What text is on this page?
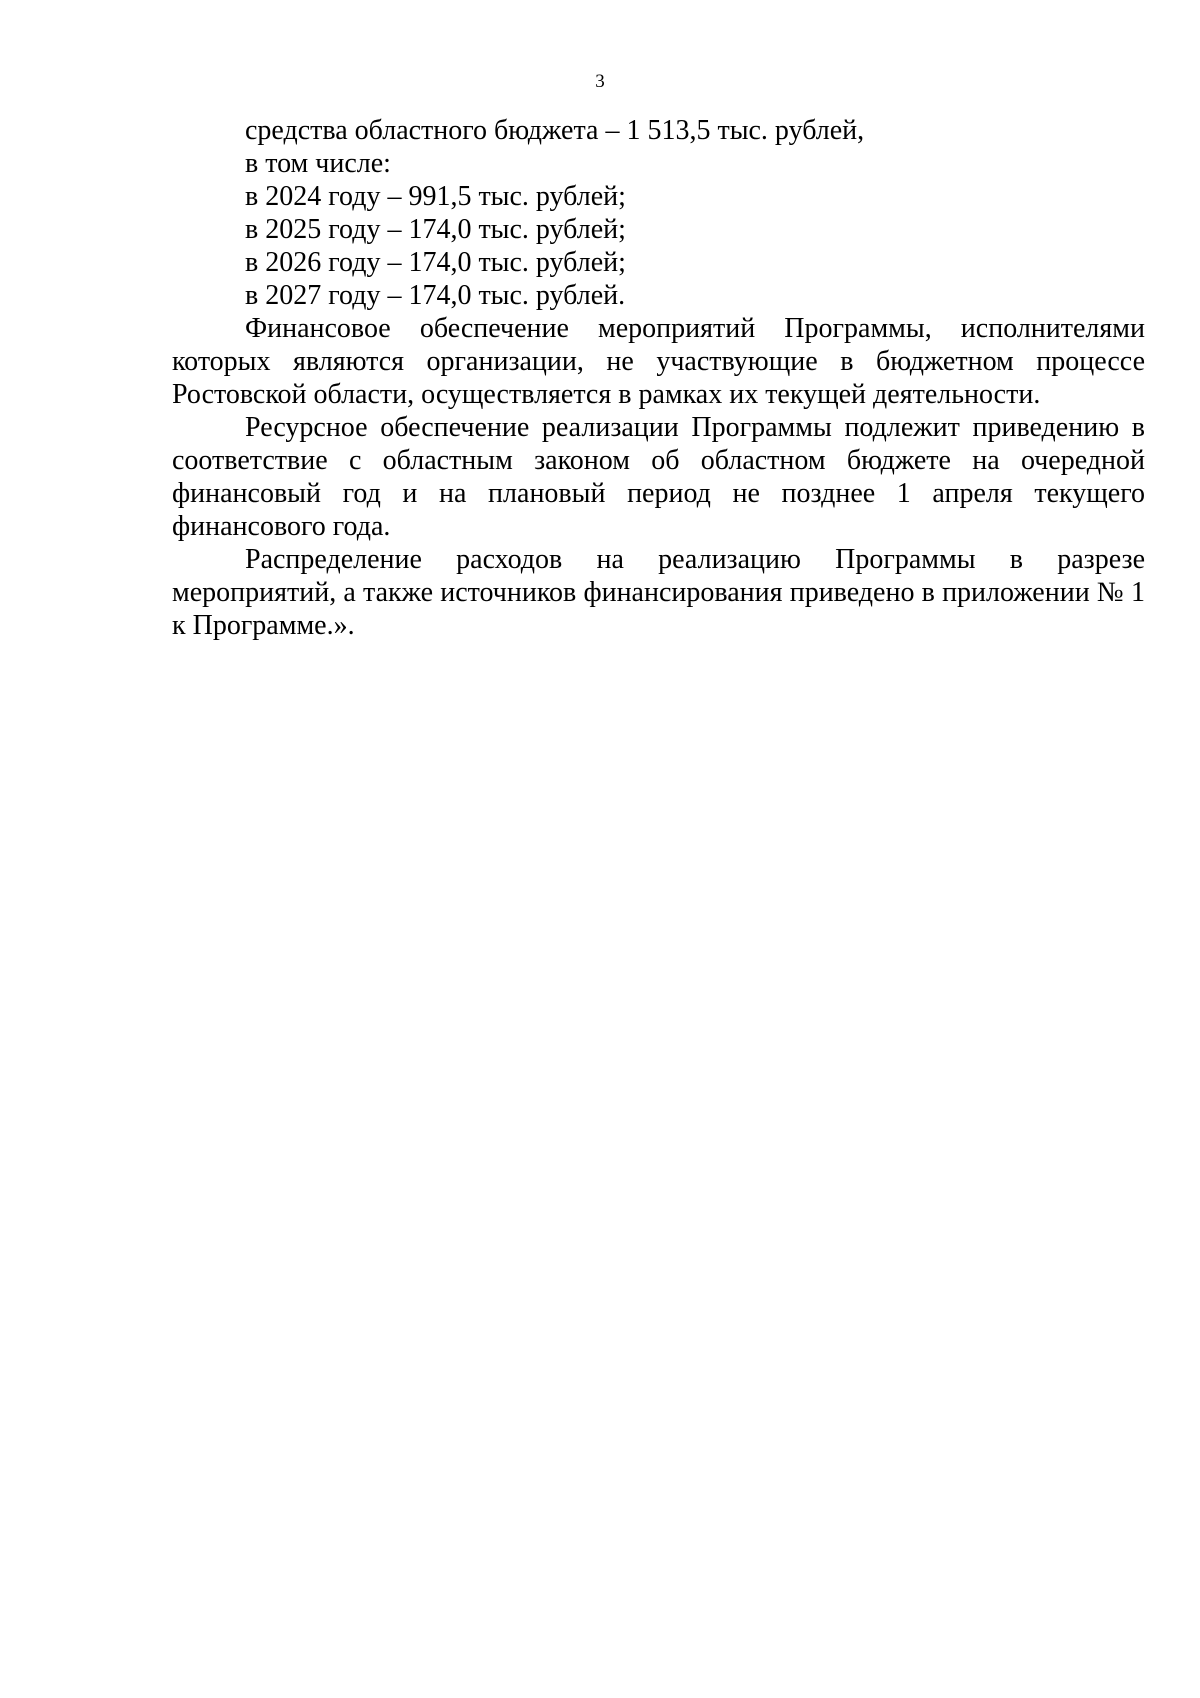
3
средства областного бюджета – 1 513,5 тыс. рублей,
в том числе:
в 2024 году – 991,5 тыс. рублей;
в 2025 году – 174,0 тыс. рублей;
в 2026 году – 174,0 тыс. рублей;
в 2027 году – 174,0 тыс. рублей.

Финансовое обеспечение мероприятий Программы, исполнителями которых являются организации, не участвующие в бюджетном процессе Ростовской области, осуществляется в рамках их текущей деятельности.

Ресурсное обеспечение реализации Программы подлежит приведению в соответствие с областным законом об областном бюджете на очередной финансовый год и на плановый период не позднее 1 апреля текущего финансового года.

Распределение расходов на реализацию Программы в разрезе мероприятий, а также источников финансирования приведено в приложении № 1 к Программе.».
